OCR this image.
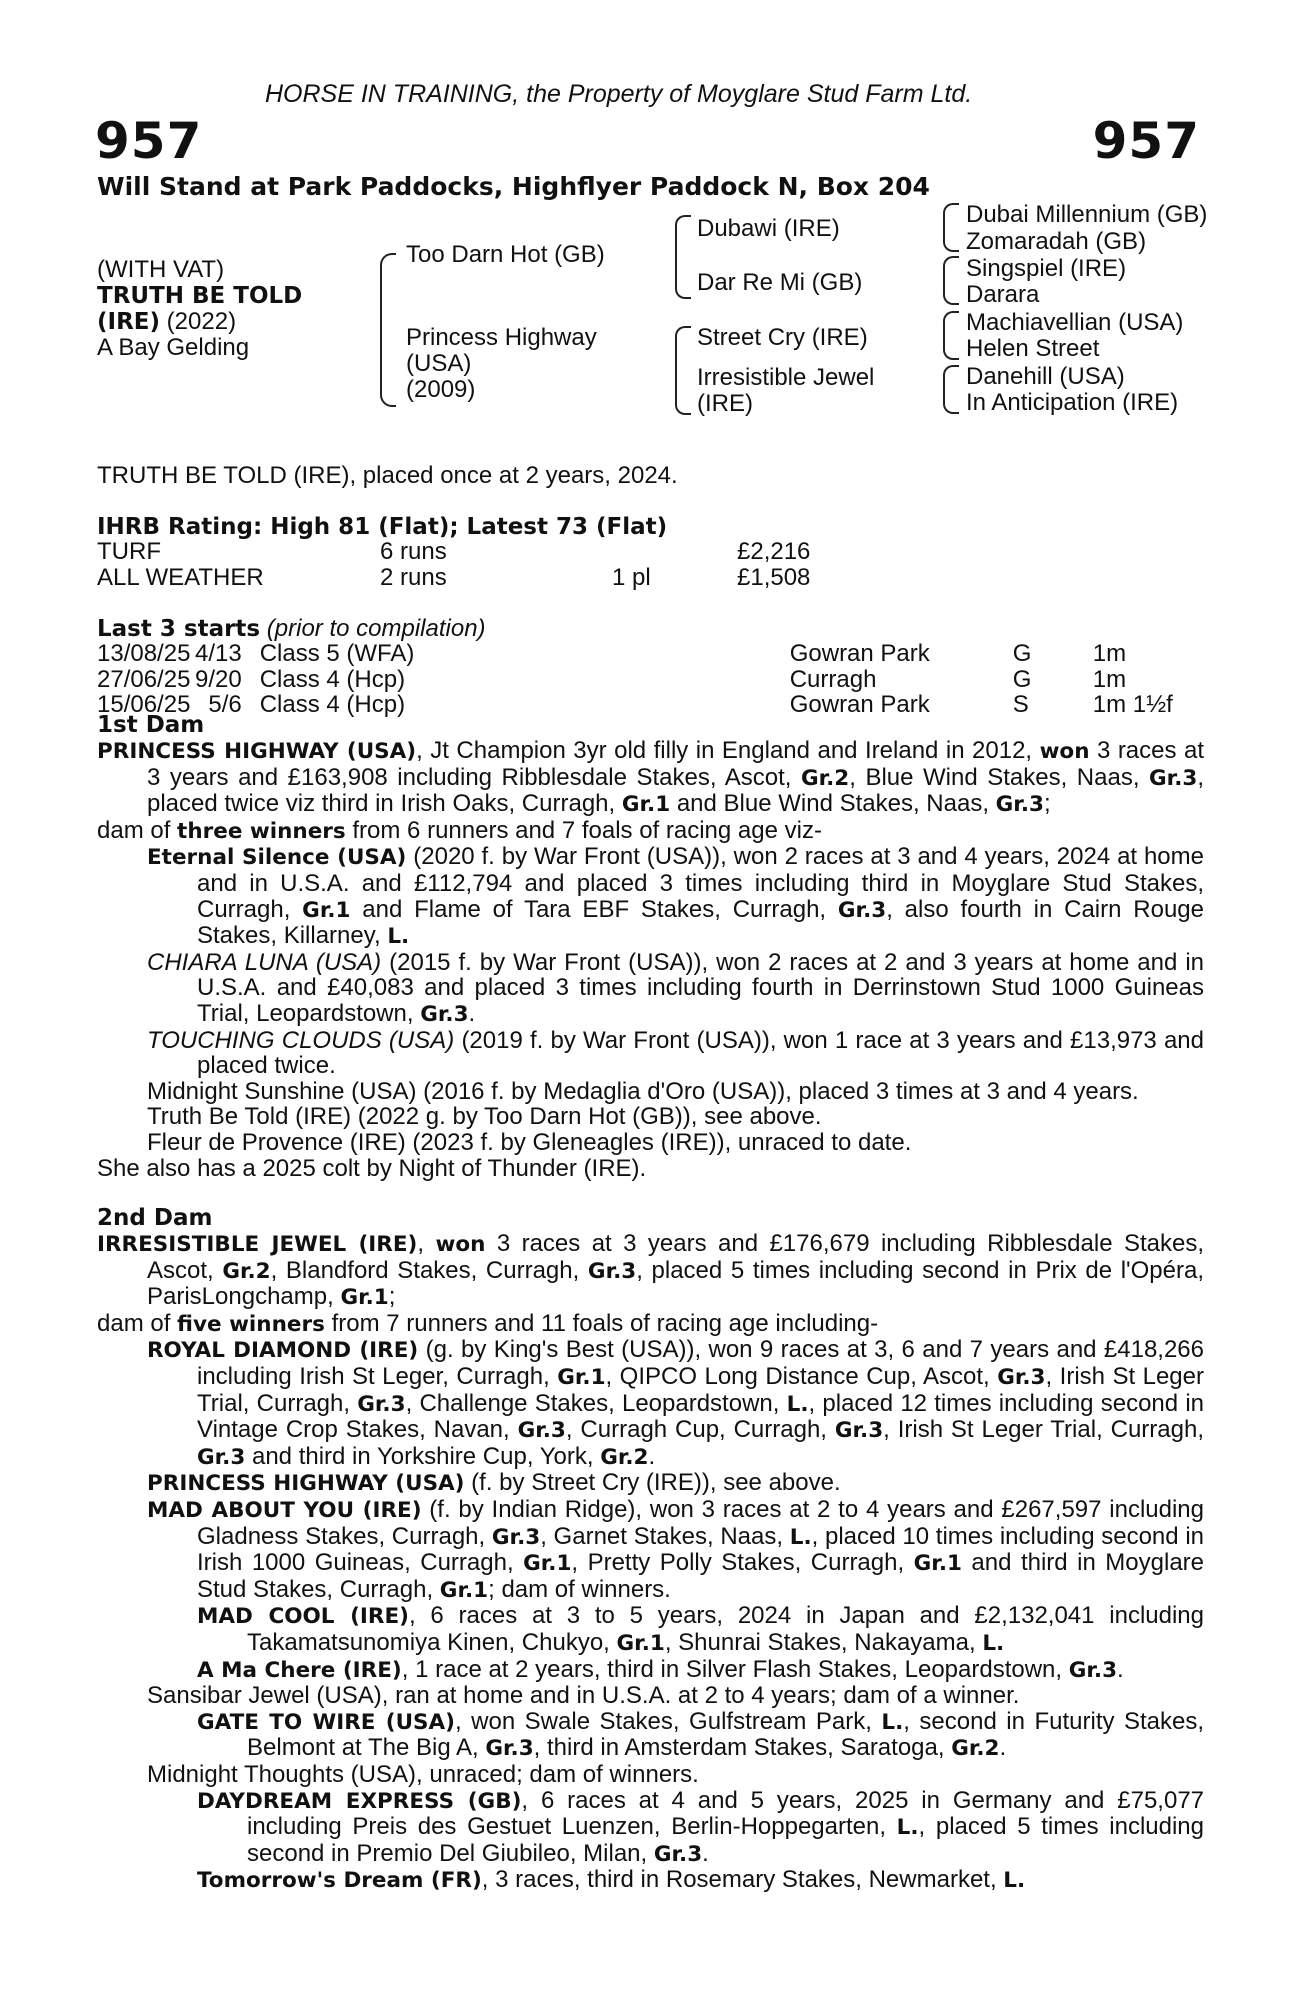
HORSE IN TRAINING, the Property of Moyglare Stud Farm Ltd.
957	957
Will Stand at Park Paddocks, Highflyer Paddock N, Box 204
(WITH VAT)
TRUTH BE TOLD
(IRE) (2022)
A Bay Gelding
Too Darn Hot (GB)
Princess Highway
(USA)
(2009)
Dubawi (IRE)
Dar Re Mi (GB)
Street Cry (IRE)
Irresistible Jewel
(IRE)
Dubai Millennium (GB)
Zomaradah (GB)
Singspiel (IRE)
Darara
Machiavellian (USA)
Helen Street
Danehill (USA)
In Anticipation (IRE)
TRUTH BE TOLD (IRE), placed once at 2 years, 2024.
IHRB Rating: High 81 (Flat); Latest 73 (Flat)
TURF	6 runs		£2,216
ALL WEATHER	2 runs	1 pl	£1,508
Last 3 starts (prior to compilation)
13/08/25	4/13	Class 5 (WFA)	Gowran Park	G	1m
27/06/25	9/20	Class 4 (Hcp)	Curragh	G	1m
15/06/25	5/6	Class 4 (Hcp)	Gowran Park	S	1m 1½f
1st Dam
PRINCESS HIGHWAY (USA), Jt Champion 3yr old filly in England and Ireland in 2012, won 3 races at 3 years and £163,908 including Ribblesdale Stakes, Ascot, Gr.2, Blue Wind Stakes, Naas, Gr.3, placed twice viz third in Irish Oaks, Curragh, Gr.1 and Blue Wind Stakes, Naas, Gr.3;
dam of three winners from 6 runners and 7 foals of racing age viz-
Eternal Silence (USA) (2020 f. by War Front (USA)), won 2 races at 3 and 4 years, 2024 at home and in U.S.A. and £112,794 and placed 3 times including third in Moyglare Stud Stakes, Curragh, Gr.1 and Flame of Tara EBF Stakes, Curragh, Gr.3, also fourth in Cairn Rouge Stakes, Killarney, L.
CHIARA LUNA (USA) (2015 f. by War Front (USA)), won 2 races at 2 and 3 years at home and in U.S.A. and £40,083 and placed 3 times including fourth in Derrinstown Stud 1000 Guineas Trial, Leopardstown, Gr.3.
TOUCHING CLOUDS (USA) (2019 f. by War Front (USA)), won 1 race at 3 years and £13,973 and placed twice.
Midnight Sunshine (USA) (2016 f. by Medaglia d'Oro (USA)), placed 3 times at 3 and 4 years.
Truth Be Told (IRE) (2022 g. by Too Darn Hot (GB)), see above.
Fleur de Provence (IRE) (2023 f. by Gleneagles (IRE)), unraced to date.
She also has a 2025 colt by Night of Thunder (IRE).
2nd Dam
IRRESISTIBLE JEWEL (IRE), won 3 races at 3 years and £176,679 including Ribblesdale Stakes, Ascot, Gr.2, Blandford Stakes, Curragh, Gr.3, placed 5 times including second in Prix de l'Opéra, ParisLongchamp, Gr.1;
dam of five winners from 7 runners and 11 foals of racing age including-
ROYAL DIAMOND (IRE) (g. by King's Best (USA)), won 9 races at 3, 6 and 7 years and £418,266 including Irish St Leger, Curragh, Gr.1, QIPCO Long Distance Cup, Ascot, Gr.3, Irish St Leger Trial, Curragh, Gr.3, Challenge Stakes, Leopardstown, L., placed 12 times including second in Vintage Crop Stakes, Navan, Gr.3, Curragh Cup, Curragh, Gr.3, Irish St Leger Trial, Curragh, Gr.3 and third in Yorkshire Cup, York, Gr.2.
PRINCESS HIGHWAY (USA) (f. by Street Cry (IRE)), see above.
MAD ABOUT YOU (IRE) (f. by Indian Ridge), won 3 races at 2 to 4 years and £267,597 including Gladness Stakes, Curragh, Gr.3, Garnet Stakes, Naas, L., placed 10 times including second in Irish 1000 Guineas, Curragh, Gr.1, Pretty Polly Stakes, Curragh, Gr.1 and third in Moyglare Stud Stakes, Curragh, Gr.1; dam of winners.
MAD COOL (IRE), 6 races at 3 to 5 years, 2024 in Japan and £2,132,041 including Takamatsunomiya Kinen, Chukyo, Gr.1, Shunrai Stakes, Nakayama, L.
A Ma Chere (IRE), 1 race at 2 years, third in Silver Flash Stakes, Leopardstown, Gr.3.
Sansibar Jewel (USA), ran at home and in U.S.A. at 2 to 4 years; dam of a winner.
GATE TO WIRE (USA), won Swale Stakes, Gulfstream Park, L., second in Futurity Stakes, Belmont at The Big A, Gr.3, third in Amsterdam Stakes, Saratoga, Gr.2.
Midnight Thoughts (USA), unraced; dam of winners.
DAYDREAM EXPRESS (GB), 6 races at 4 and 5 years, 2025 in Germany and £75,077 including Preis des Gestuet Luenzen, Berlin-Hoppegarten, L., placed 5 times including second in Premio Del Giubileo, Milan, Gr.3.
Tomorrow's Dream (FR), 3 races, third in Rosemary Stakes, Newmarket, L.
